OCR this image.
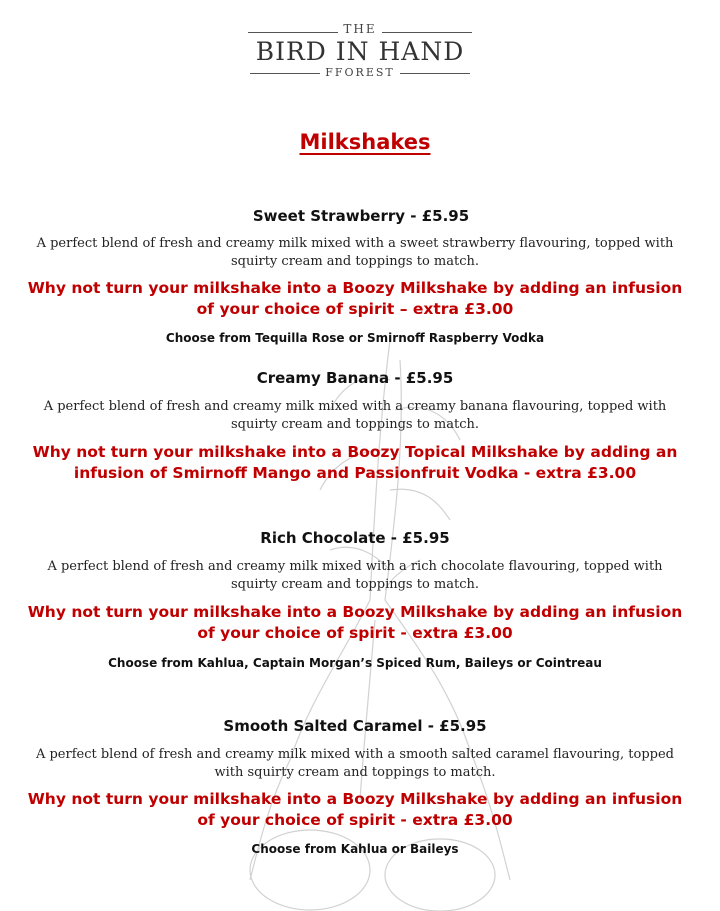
THE
BIRD IN HAND
FFOREST
Milkshakes
Sweet Strawberry - £5.95
A perfect blend of fresh and creamy milk mixed with a sweet strawberry flavouring, topped with
squirty cream and toppings to match.
Why not turn your milkshake into a Boozy Milkshake by adding an infusion
of your choice of spirit – extra £3.00
Choose from Tequilla Rose or Smirnoff Raspberry Vodka
Creamy Banana - £5.95
A perfect blend of fresh and creamy milk mixed with a creamy banana flavouring, topped with
squirty cream and toppings to match.
Why not turn your milkshake into a Boozy Topical Milkshake by adding an
infusion of Smirnoff Mango and Passionfruit Vodka - extra £3.00
Rich Chocolate - £5.95
A perfect blend of fresh and creamy milk mixed with a rich chocolate flavouring, topped with
squirty cream and toppings to match.
Why not turn your milkshake into a Boozy Milkshake by adding an infusion
of your choice of spirit - extra £3.00
Choose from Kahlua, Captain Morgan’s Spiced Rum, Baileys or Cointreau
Smooth Salted Caramel - £5.95
A perfect blend of fresh and creamy milk mixed with a smooth salted caramel flavouring, topped
with squirty cream and toppings to match.
Why not turn your milkshake into a Boozy Milkshake by adding an infusion
of your choice of spirit - extra £3.00
Choose from Kahlua or Baileys
